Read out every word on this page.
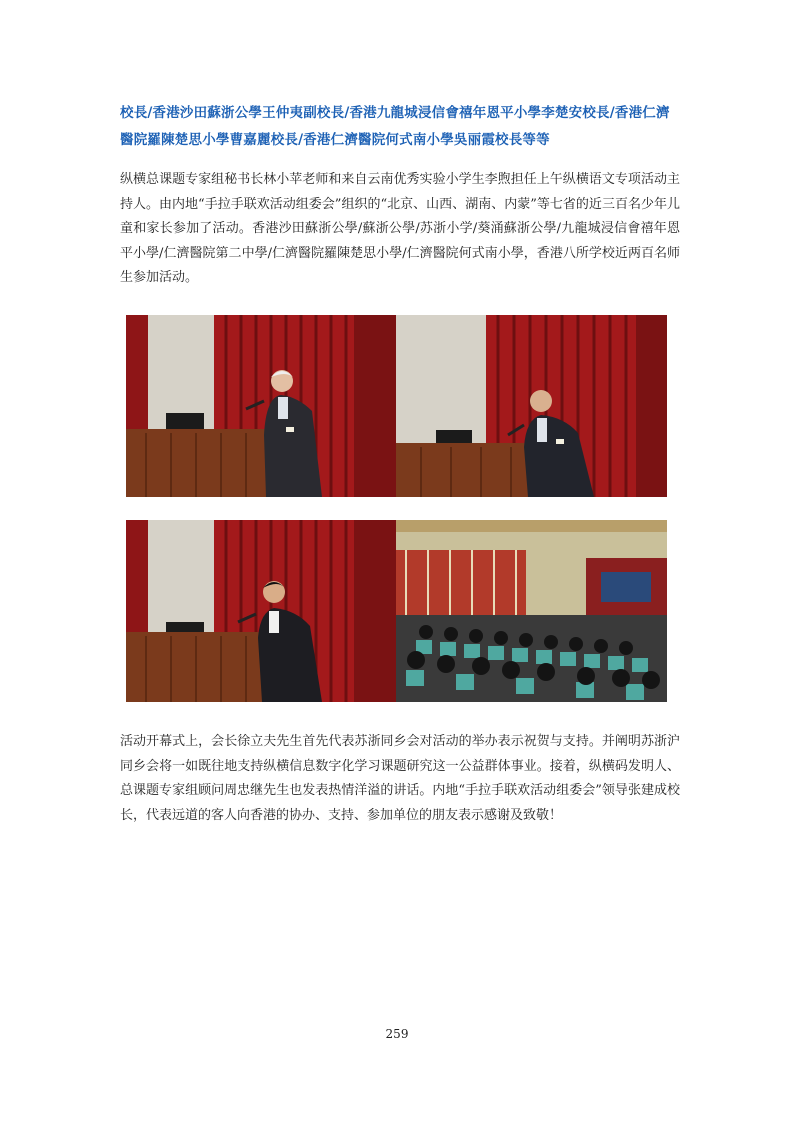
校長/香港沙田蘇浙公學王仲夷副校長/香港九龍城浸信會禧年恩平小學李楚安校長/香港仁濟醫院羅陳楚思小學曹嘉麗校長/香港仁濟醫院何式南小學吳丽霞校長等等
纵横总课题专家组秘书长林小苹老师和来自云南优秀实验小学生李煦担任上午纵横语文专项活动主持人。由内地“手拉手联欢活动组委会”组织的“北京、山西、湖南、内蒙”等七省的近三百名少年儿童和家长参加了活动。香港沙田蘇浙公學/蘇浙公學/苏浙小学/葵涌蘇浙公學/九龍城浸信會禧年恩平小學/仁濟醫院第二中學/仁濟醫院羅陳楚思小學/仁濟醫院何式南小學，香港八所学校近两百名师生参加活动。
活动开幕式上，会长徐立夫先生首先代表苏浙同乡会对活动的举办表示祝贺与支持。并阐明苏浙沪同乡会将一如既往地支持纵横信息数字化学习课题研究这一公益群体事业。接着，纵横码发明人、总课题专家组顾问周忠继先生也发表热情洋溢的讲话。内地“手拉手联欢活动组委会”领导张建成校长，代表远道的客人向香港的协办、支持、参加单位的朋友表示感谢及致敬！
259
